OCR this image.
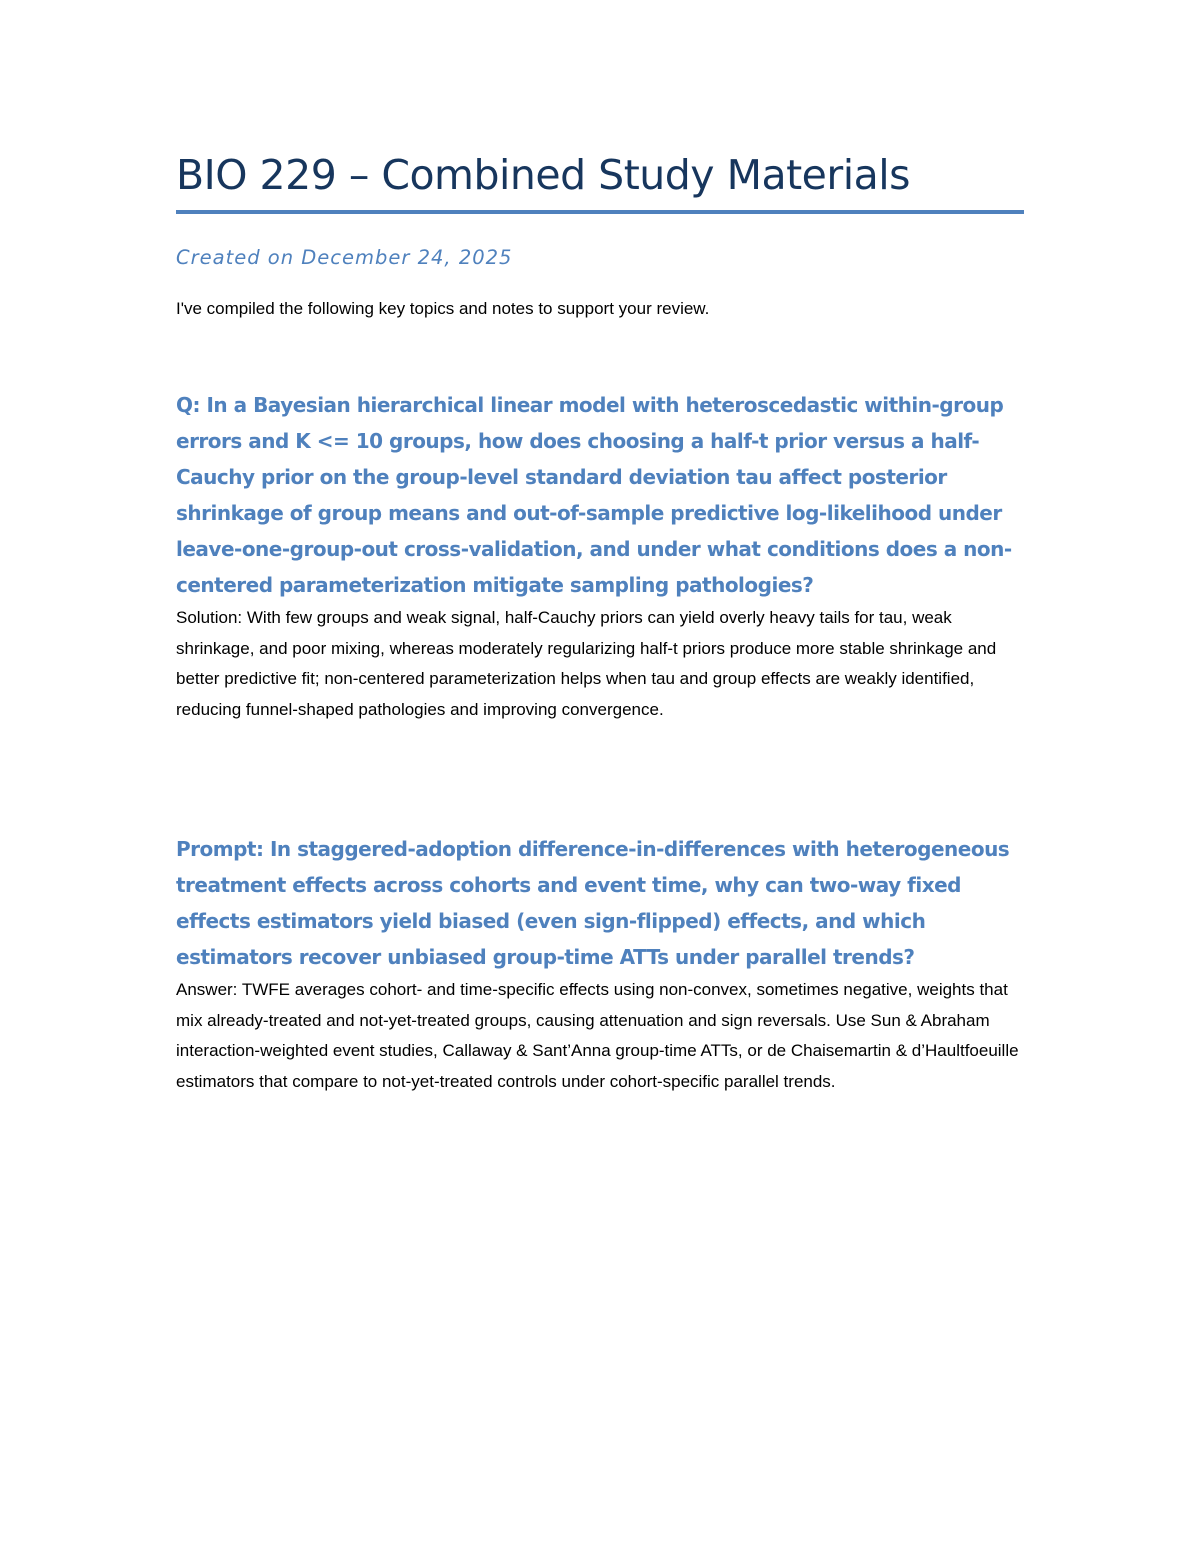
BIO 229 – Combined Study Materials
Created on December 24, 2025

I've compiled the following key topics and notes to support your review.

Q: In a Bayesian hierarchical linear model with heteroscedastic within-group errors and K <= 10 groups, how does choosing a half-t prior versus a half-Cauchy prior on the group-level standard deviation tau affect posterior shrinkage of group means and out-of-sample predictive log-likelihood under leave-one-group-out cross-validation, and under what conditions does a non-centered parameterization mitigate sampling pathologies?

Solution: With few groups and weak signal, half-Cauchy priors can yield overly heavy tails for tau, weak shrinkage, and poor mixing, whereas moderately regularizing half-t priors produce more stable shrinkage and better predictive fit; non-centered parameterization helps when tau and group effects are weakly identified, reducing funnel-shaped pathologies and improving convergence.

Prompt: In staggered-adoption difference-in-differences with heterogeneous treatment effects across cohorts and event time, why can two-way fixed effects estimators yield biased (even sign-flipped) effects, and which estimators recover unbiased group-time ATTs under parallel trends?

Answer: TWFE averages cohort- and time-specific effects using non-convex, sometimes negative, weights that mix already-treated and not-yet-treated groups, causing attenuation and sign reversals. Use Sun & Abraham interaction-weighted event studies, Callaway & Sant’Anna group-time ATTs, or de Chaisemartin & d’Haultfoeuille estimators that compare to not-yet-treated controls under cohort-specific parallel trends.
